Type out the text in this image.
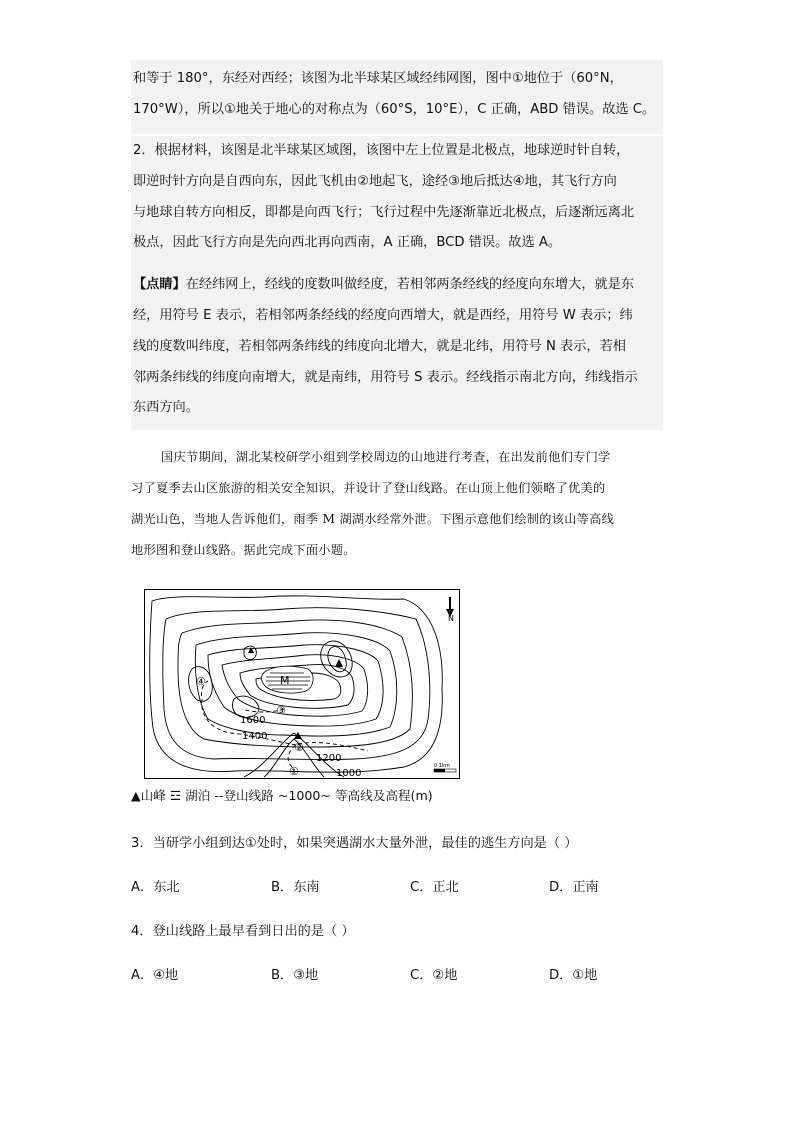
和等于 180°，东经对西经；该图为北半球某区域经纬网图，图中①地位于（60°N，

170°W），所以①地关于地心的对称点为（60°S，10°E），C 正确，ABD 错误。故选 C。

2．根据材料，该图是北半球某区域图，该图中左上位置是北极点，地球逆时针自转，

即逆时针方向是自西向东，因此飞机由②地起飞，途经③地后抵达④地，其飞行方向

与地球自转方向相反，即都是向西飞行；飞行过程中先逐渐靠近北极点，后逐渐远离北

极点，因此飞行方向是先向西北再向西南，A 正确，BCD 错误。故选 A。

【点睛】在经纬网上，经线的度数叫做经度，若相邻两条经线的经度向东增大，就是东

经，用符号 E 表示，若相邻两条经线的经度向西增大，就是西经，用符号 W 表示；纬

线的度数叫纬度，若相邻两条纬线的纬度向北增大，就是北纬，用符号 N 表示，若相

邻两条纬线的纬度向南增大，就是南纬，用符号 S 表示。经线指示南北方向，纬线指示

东西方向。

国庆节期间，湖北某校研学小组到学校周边的山地进行考查，在出发前他们专门学
习了夏季去山区旅游的相关安全知识，并设计了登山线路。在山顶上他们领略了优美的
湖光山色，当地人告诉他们，雨季 M 湖湖水经常外泄。下图示意他们绘制的该山等高线
地形图和登山线路。据此完成下面小题。
M
①
②
③
④
1600
1400
1200
1000
N
0 1km
▲山峰 ☲ 湖泊 --登山线路 ~1000~ 等高线及高程(m)

3．当研学小组到达①处时，如果突遇湖水大量外泄，最佳的逃生方向是（ ）

A．东北	B．东南	C．正北	D．正南

4．登山线路上最早看到日出的是（ ）

A．④地	B．③地	C．②地	D．①地
